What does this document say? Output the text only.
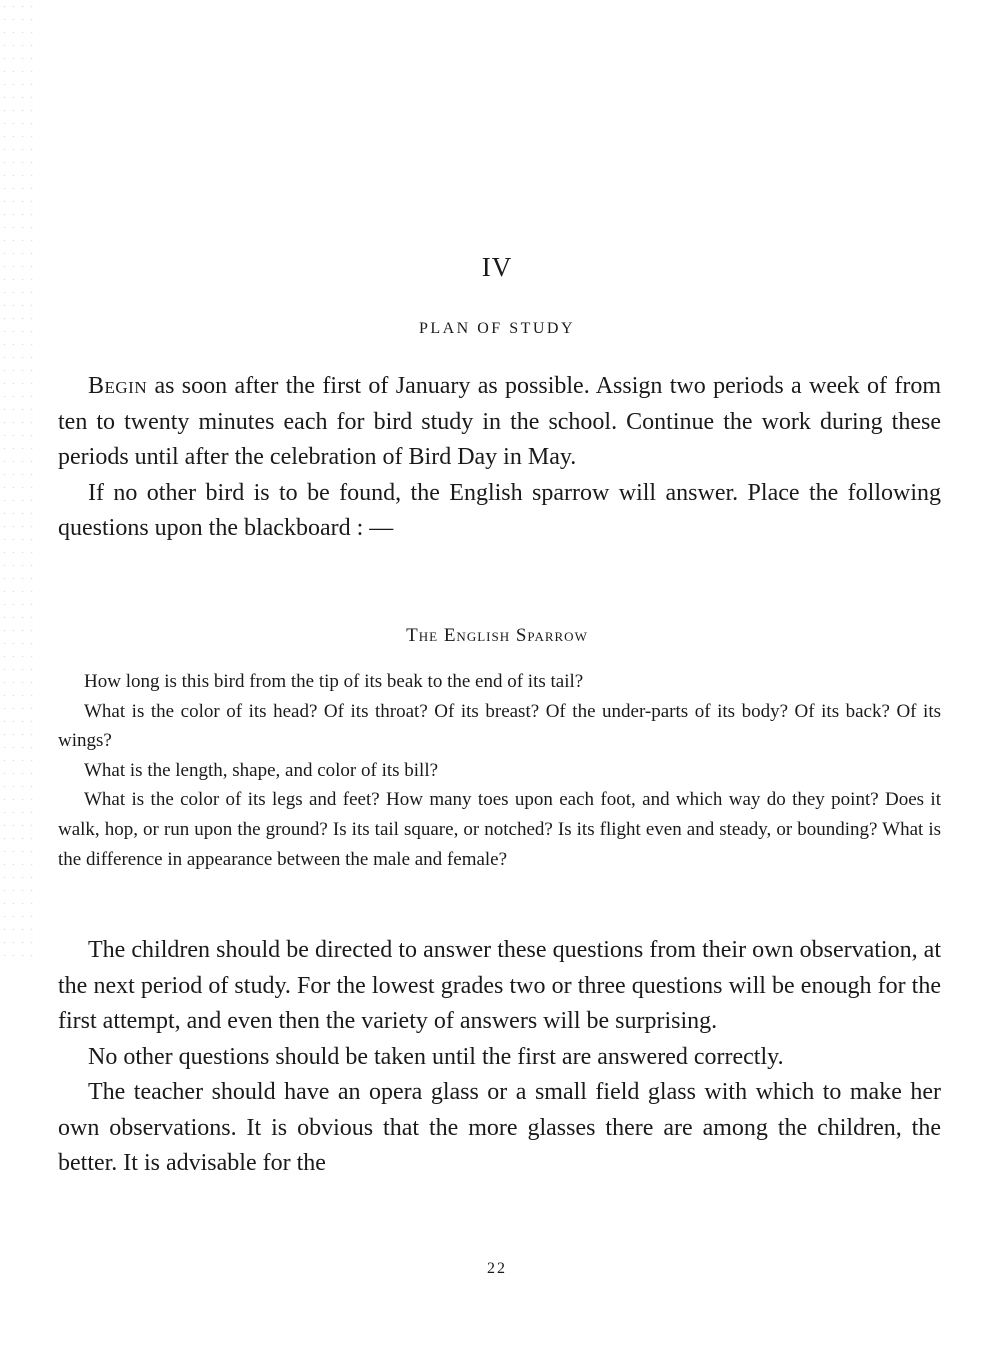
IV
PLAN OF STUDY

Begin as soon after the first of January as possible. Assign two periods a week of from ten to twenty minutes each for bird study in the school. Continue the work during these periods until after the celebration of Bird Day in May.

If no other bird is to be found, the English sparrow will answer. Place the following questions upon the blackboard : —

The English Sparrow

How long is this bird from the tip of its beak to the end of its tail?

What is the color of its head? Of its throat? Of its breast? Of the under-parts of its body? Of its back? Of its wings?

What is the length, shape, and color of its bill?

What is the color of its legs and feet? How many toes upon each foot, and which way do they point? Does it walk, hop, or run upon the ground? Is its tail square, or notched? Is its flight even and steady, or bounding? What is the difference in appearance between the male and female?

The children should be directed to answer these questions from their own observation, at the next period of study. For the lowest grades two or three questions will be enough for the first attempt, and even then the variety of answers will be surprising.

No other questions should be taken until the first are answered correctly.

The teacher should have an opera glass or a small field glass with which to make her own observations. It is obvious that the more glasses there are among the children, the better. It is advisable for the

22
